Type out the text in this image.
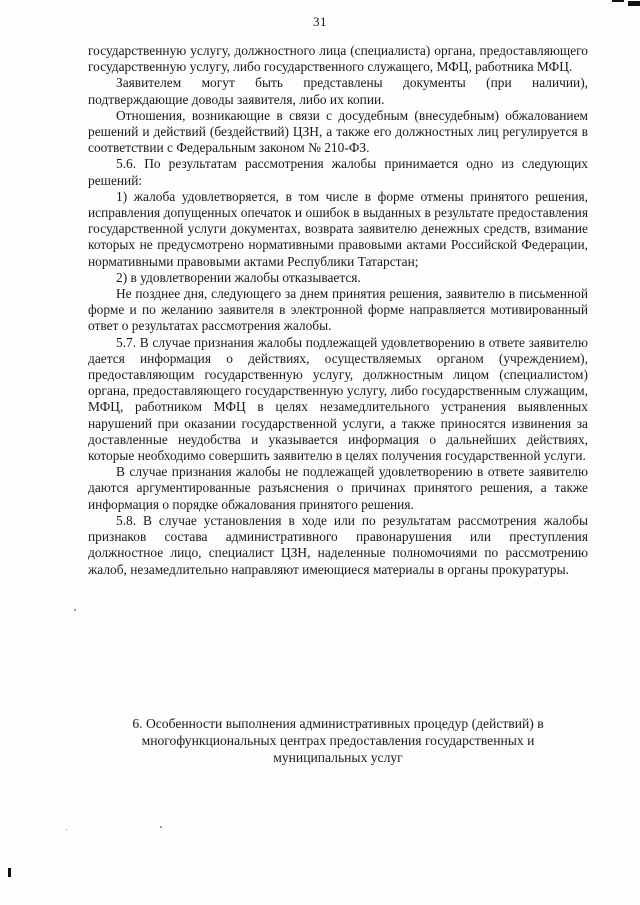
31

государственную услугу, должностного лица (специалиста) органа, предоставляющего государственную услугу, либо государственного служащего, МФЦ, работника МФЦ.

Заявителем могут быть представлены документы (при наличии), подтверждающие доводы заявителя, либо их копии.

Отношения, возникающие в связи с досудебным (внесудебным) обжалованием решений и действий (бездействий) ЦЗН, а также его должностных лиц регулируется в соответствии с Федеральным законом № 210-ФЗ.

5.6. По результатам рассмотрения жалобы принимается одно из следующих решений:

1) жалоба удовлетворяется, в том числе в форме отмены принятого решения, исправления допущенных опечаток и ошибок в выданных в результате предоставления государственной услуги документах, возврата заявителю денежных средств, взимание которых не предусмотрено нормативными правовыми актами Российской Федерации, нормативными правовыми актами Республики Татарстан;

2) в удовлетворении жалобы отказывается.

Не позднее дня, следующего за днем принятия решения, заявителю в письменной форме и по желанию заявителя в электронной форме направляется мотивированный ответ о результатах рассмотрения жалобы.

5.7. В случае признания жалобы подлежащей удовлетворению в ответе заявителю дается информация о действиях, осуществляемых органом (учреждением), предоставляющим государственную услугу, должностным лицом (специалистом) органа, предоставляющего государственную услугу, либо государственным служащим, МФЦ, работником МФЦ в целях незамедлительного устранения выявленных нарушений при оказании государственной услуги, а также приносятся извинения за доставленные неудобства и указывается информация о дальнейших действиях, которые необходимо совершить заявителю в целях получения государственной услуги.

В случае признания жалобы не подлежащей удовлетворению в ответе заявителю даются аргументированные разъяснения о причинах принятого решения, а также информация о порядке обжалования принятого решения.

5.8. В случае установления в ходе или по результатам рассмотрения жалобы признаков состава административного правонарушения или преступления должностное лицо, специалист ЦЗН, наделенные полномочиями по рассмотрению жалоб, незамедлительно направляют имеющиеся материалы в органы прокуратуры.

6. Особенности выполнения административных процедур (действий) в
многофункциональных центрах предоставления государственных и
муниципальных услуг
